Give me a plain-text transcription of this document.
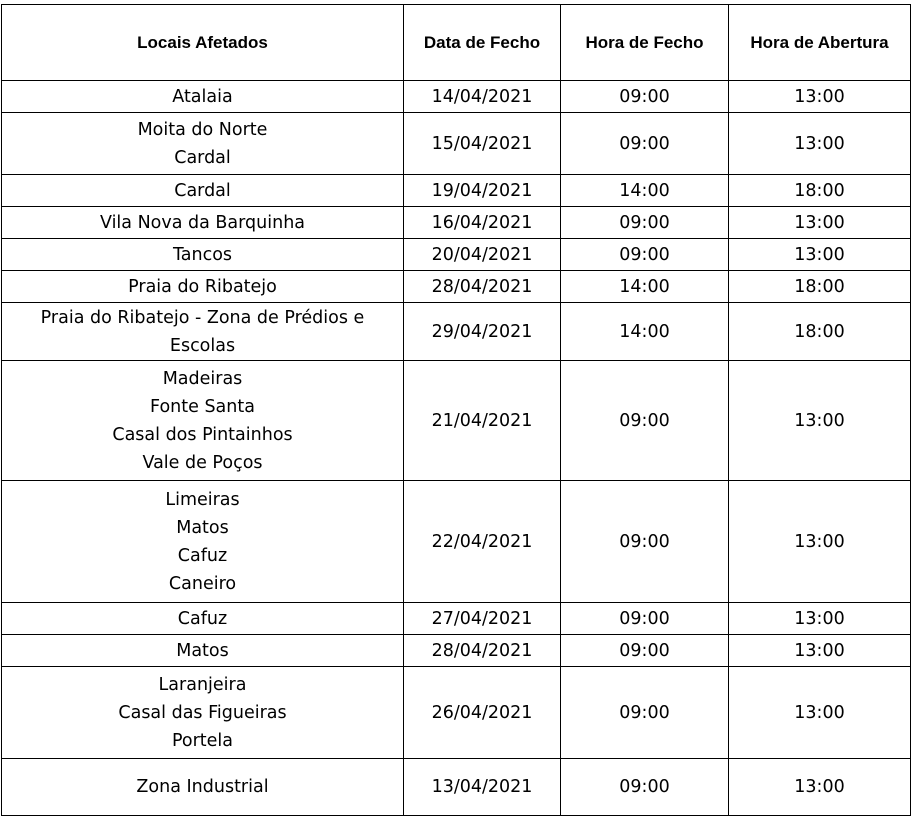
Locais Afetados	Data de Fecho	Hora de Fecho	Hora de Abertura

Atalaia	14/04/2021	09:00	13:00

Moita do Norte
Cardal	15/04/2021	09:00	13:00

Cardal	19/04/2021	14:00	18:00

Vila Nova da Barquinha	16/04/2021	09:00	13:00

Tancos	20/04/2021	09:00	13:00

Praia do Ribatejo	28/04/2021	14:00	18:00

Praia do Ribatejo - Zona de Prédios e
Escolas	29/04/2021	14:00	18:00

Madeiras
Fonte Santa
Casal dos Pintainhos
Vale de Poços	21/04/2021	09:00	13:00

Limeiras
Matos
Cafuz
Caneiro	22/04/2021	09:00	13:00

Cafuz	27/04/2021	09:00	13:00

Matos	28/04/2021	09:00	13:00

Laranjeira
Casal das Figueiras
Portela	26/04/2021	09:00	13:00

Zona Industrial	13/04/2021	09:00	13:00
